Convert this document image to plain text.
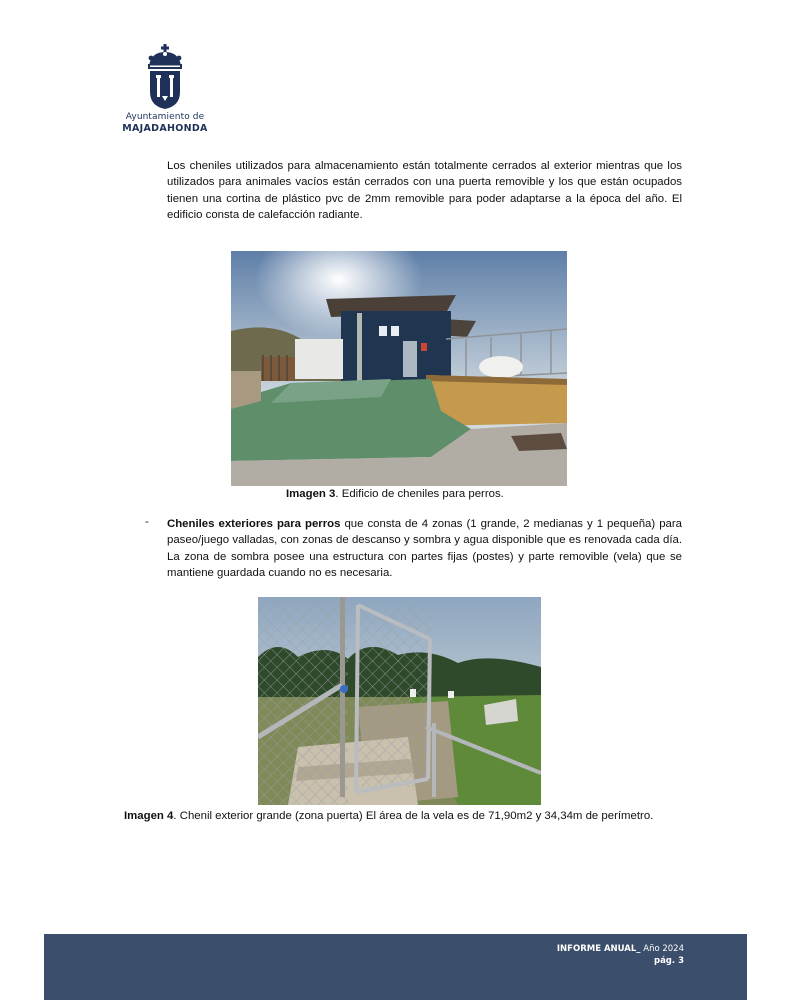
Ayuntamiento de
MAJADAHONDA

Los cheniles utilizados para almacenamiento están totalmente cerrados al exterior mientras que los utilizados para animales vacíos están cerrados con una puerta removible y los que están ocupados tienen una cortina de plástico pvc de 2mm removible para poder adaptarse a la época del año. El edificio consta de calefacción radiante.

Imagen 3. Edificio de cheniles para perros.
- Cheniles exteriores para perros que consta de 4 zonas (1 grande, 2 medianas y 1 pequeña) para paseo/juego valladas, con zonas de descanso y sombra y agua disponible que es renovada cada día. La zona de sombra posee una estructura con partes fijas (postes) y parte removible (vela) que se mantiene guardada cuando no es necesaria.

Imagen 4. Chenil exterior grande (zona puerta) El área de la vela es de 71,90m2 y 34,34m de perímetro.
INFORME ANUAL_ Año 2024
pág. 3
